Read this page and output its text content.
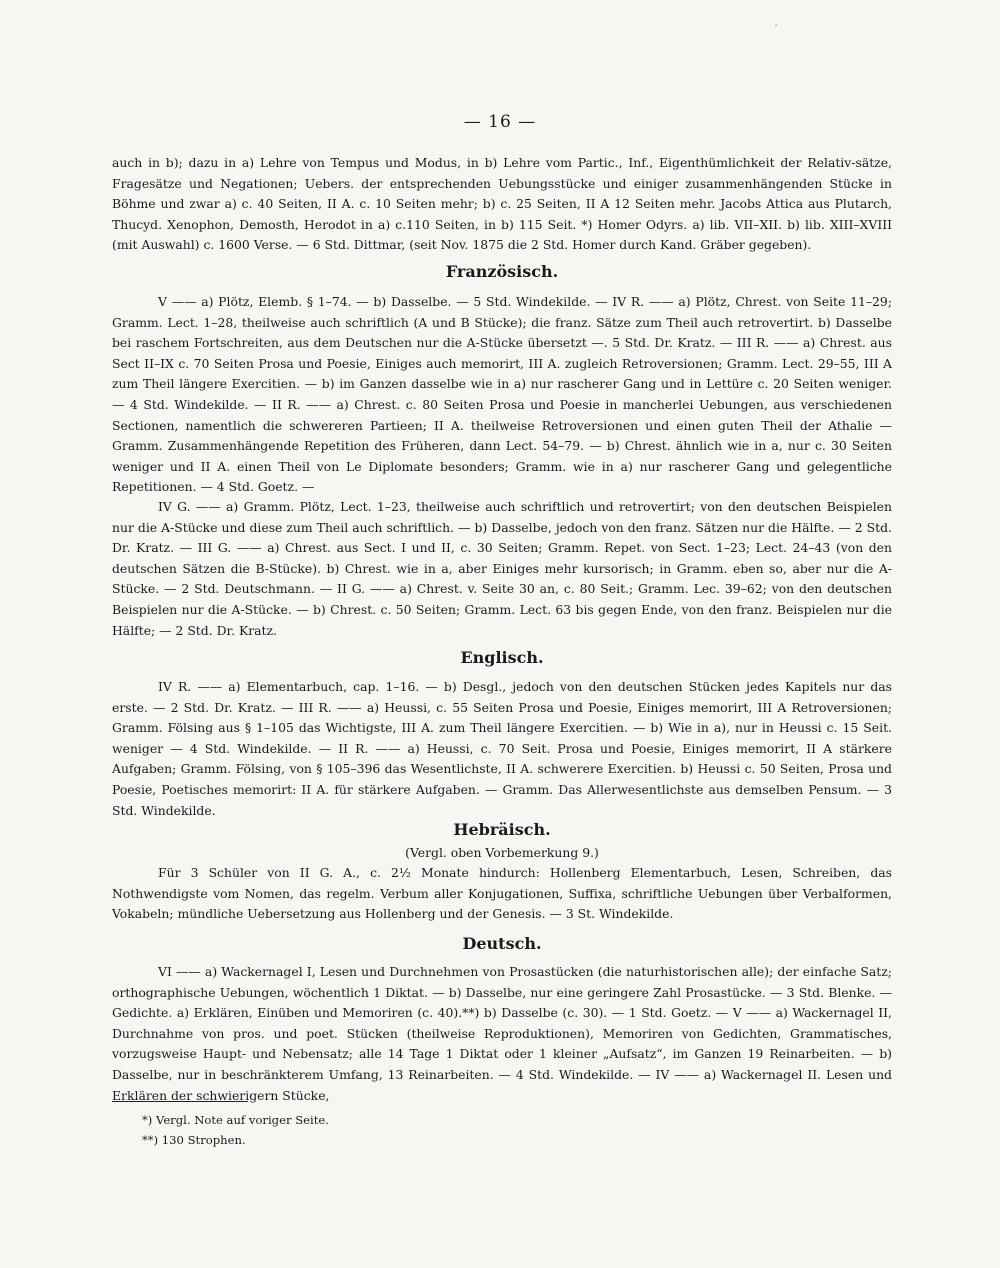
′
— 16 —

auch in b); dazu in a) Lehre von Tempus und Modus, in b) Lehre vom Partic., Inf., Eigenthümlichkeit der Relativ-sätze, Fragesätze und Negationen; Uebers. der entsprechenden Uebungsstücke und einiger zusammenhängenden Stücke in Böhme und zwar a) c. 40 Seiten, II A. c. 10 Seiten mehr; b) c. 25 Seiten, II A 12 Seiten mehr. Jacobs Attica aus Plutarch, Thucyd. Xenophon, Demosth, Herodot in a) c.110 Seiten, in b) 115 Seit. *) Homer Odyrs. a) lib. VII–XII. b) lib. XIII–XVIII (mit Auswahl) c. 1600 Verse. — 6 Std. Dittmar, (seit Nov. 1875 die 2 Std. Homer durch Kand. Gräber gegeben).

Französisch.

V —— a) Plötz, Elemb. § 1–74. — b) Dasselbe. — 5 Std. Windekilde. — IV R. —— a) Plötz, Chrest. von Seite 11–29; Gramm. Lect. 1–28, theilweise auch schriftlich (A und B Stücke); die franz. Sätze zum Theil auch retrovertirt. b) Dasselbe bei raschem Fortschreiten, aus dem Deutschen nur die A-Stücke übersetzt —. 5 Std. Dr. Kratz. — III R. —— a) Chrest. aus Sect II–IX c. 70 Seiten Prosa und Poesie, Einiges auch memorirt, III A. zugleich Retroversionen; Gramm. Lect. 29–55, III A zum Theil längere Exercitien. — b) im Ganzen dasselbe wie in a) nur rascherer Gang und in Lettüre c. 20 Seiten weniger. — 4 Std. Windekilde. — II R. —— a) Chrest. c. 80 Seiten Prosa und Poesie in mancherlei Uebungen, aus verschiedenen Sectionen, namentlich die schwereren Partieen; II A. theilweise Retroversionen und einen guten Theil der Athalie — Gramm. Zusammenhängende Repetition des Früheren, dann Lect. 54–79. — b) Chrest. ähnlich wie in a, nur c. 30 Seiten weniger und II A. einen Theil von Le Diplomate besonders; Gramm. wie in a) nur rascherer Gang und gelegentliche Repetitionen. — 4 Std. Goetz. —

IV G. —— a) Gramm. Plötz, Lect. 1–23, theilweise auch schriftlich und retrovertirt; von den deutschen Beispielen nur die A-Stücke und diese zum Theil auch schriftlich. — b) Dasselbe, jedoch von den franz. Sätzen nur die Hälfte. — 2 Std. Dr. Kratz. — III G. —— a) Chrest. aus Sect. I und II, c. 30 Seiten; Gramm. Repet. von Sect. 1–23; Lect. 24–43 (von den deutschen Sätzen die B-Stücke). b) Chrest. wie in a, aber Einiges mehr kursorisch; in Gramm. eben so, aber nur die A-Stücke. — 2 Std. Deutschmann. — II G. —— a) Chrest. v. Seite 30 an, c. 80 Seit.; Gramm. Lec. 39–62; von den deutschen Beispielen nur die A-Stücke. — b) Chrest. c. 50 Seiten; Gramm. Lect. 63 bis gegen Ende, von den franz. Beispielen nur die Hälfte; — 2 Std. Dr. Kratz.

Englisch.

IV R. —— a) Elementarbuch, cap. 1–16. — b) Desgl., jedoch von den deutschen Stücken jedes Kapitels nur das erste. — 2 Std. Dr. Kratz. — III R. —— a) Heussi, c. 55 Seiten Prosa und Poesie, Einiges memorirt, III A Retroversionen; Gramm. Fölsing aus § 1–105 das Wichtigste, III A. zum Theil längere Exercitien. — b) Wie in a), nur in Heussi c. 15 Seit. weniger — 4 Std. Windekilde. — II R. —— a) Heussi, c. 70 Seit. Prosa und Poesie, Einiges memorirt, II A stärkere Aufgaben; Gramm. Fölsing, von § 105–396 das Wesentlichste, II A. schwerere Exercitien. b) Heussi c. 50 Seiten, Prosa und Poesie, Poetisches memorirt: II A. für stärkere Aufgaben. — Gramm. Das Allerwesentlichste aus demselben Pensum. — 3 Std. Windekilde.

Hebräisch.

(Vergl. oben Vorbemerkung 9.)

Für 3 Schüler von II G. A., c. 2½ Monate hindurch: Hollenberg Elementarbuch, Lesen, Schreiben, das Nothwendigste vom Nomen, das regelm. Verbum aller Konjugationen, Suffixa, schriftliche Uebungen über Verbalformen, Vokabeln; mündliche Uebersetzung aus Hollenberg und der Genesis. — 3 St. Windekilde.

Deutsch.

VI —— a) Wackernagel I, Lesen und Durchnehmen von Prosastücken (die naturhistorischen alle); der einfache Satz; orthographische Uebungen, wöchentlich 1 Diktat. — b) Dasselbe, nur eine geringere Zahl Prosastücke. — 3 Std. Blenke. — Gedichte. a) Erklären, Einüben und Memoriren (c. 40).**) b) Dasselbe (c. 30). — 1 Std. Goetz. — V —— a) Wackernagel II, Durchnahme von pros. und poet. Stücken (theilweise Reproduktionen), Memoriren von Gedichten, Grammatisches, vorzugsweise Haupt- und Nebensatz; alle 14 Tage 1 Diktat oder 1 kleiner „Aufsatz“, im Ganzen 19 Reinarbeiten. — b) Dasselbe, nur in beschränkterem Umfang, 13 Reinarbeiten. — 4 Std. Windekilde. — IV —— a) Wackernagel II. Lesen und Erklären der schwierigern Stücke,

*) Vergl. Note auf voriger Seite.
**) 130 Strophen.
